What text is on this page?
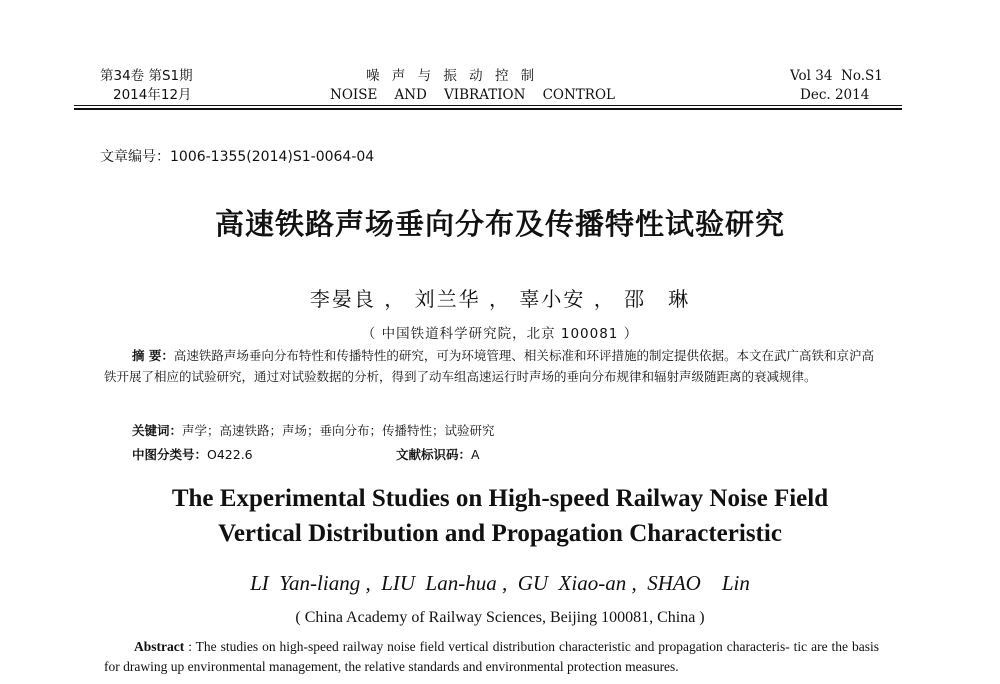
第34卷 第S1期
2014年12月
噪 声 与 振 动 控 制
NOISE    AND    VIBRATION    CONTROL
Vol 34  No.S1
Dec. 2014
文章编号：1006-1355(2014)S1-0064-04
高速铁路声场垂向分布及传播特性试验研究
李晏良 ， 刘兰华 ， 辜小安 ， 邵　琳
（ 中国铁道科学研究院，北京 100081 ）
摘 要：高速铁路声场垂向分布特性和传播特性的研究，可为环境管理、相关标准和环评措施的制定提供依据。本文在武广高铁和京沪高铁开展了相应的试验研究，通过对试验数据的分析，得到了动车组高速运行时声场的垂向分布规律和辐射声级随距离的衰减规律。
关键词：声学；高速铁路；声场；垂向分布；传播特性；试验研究
中图分类号：O422.6	文献标识码：A
The Experimental Studies on High-speed Railway Noise Field
Vertical Distribution and Propagation Characteristic
LI  Yan-liang ,  LIU  Lan-hua ,  GU  Xiao-an ,  SHAO    Lin
( China Academy of Railway Sciences, Beijing 100081, China )
Abstract : The studies on high-speed railway noise field vertical distribution characteristic and propagation characteris- tic are the basis for drawing up environmental management, the relative standards and environmental protection measures.
